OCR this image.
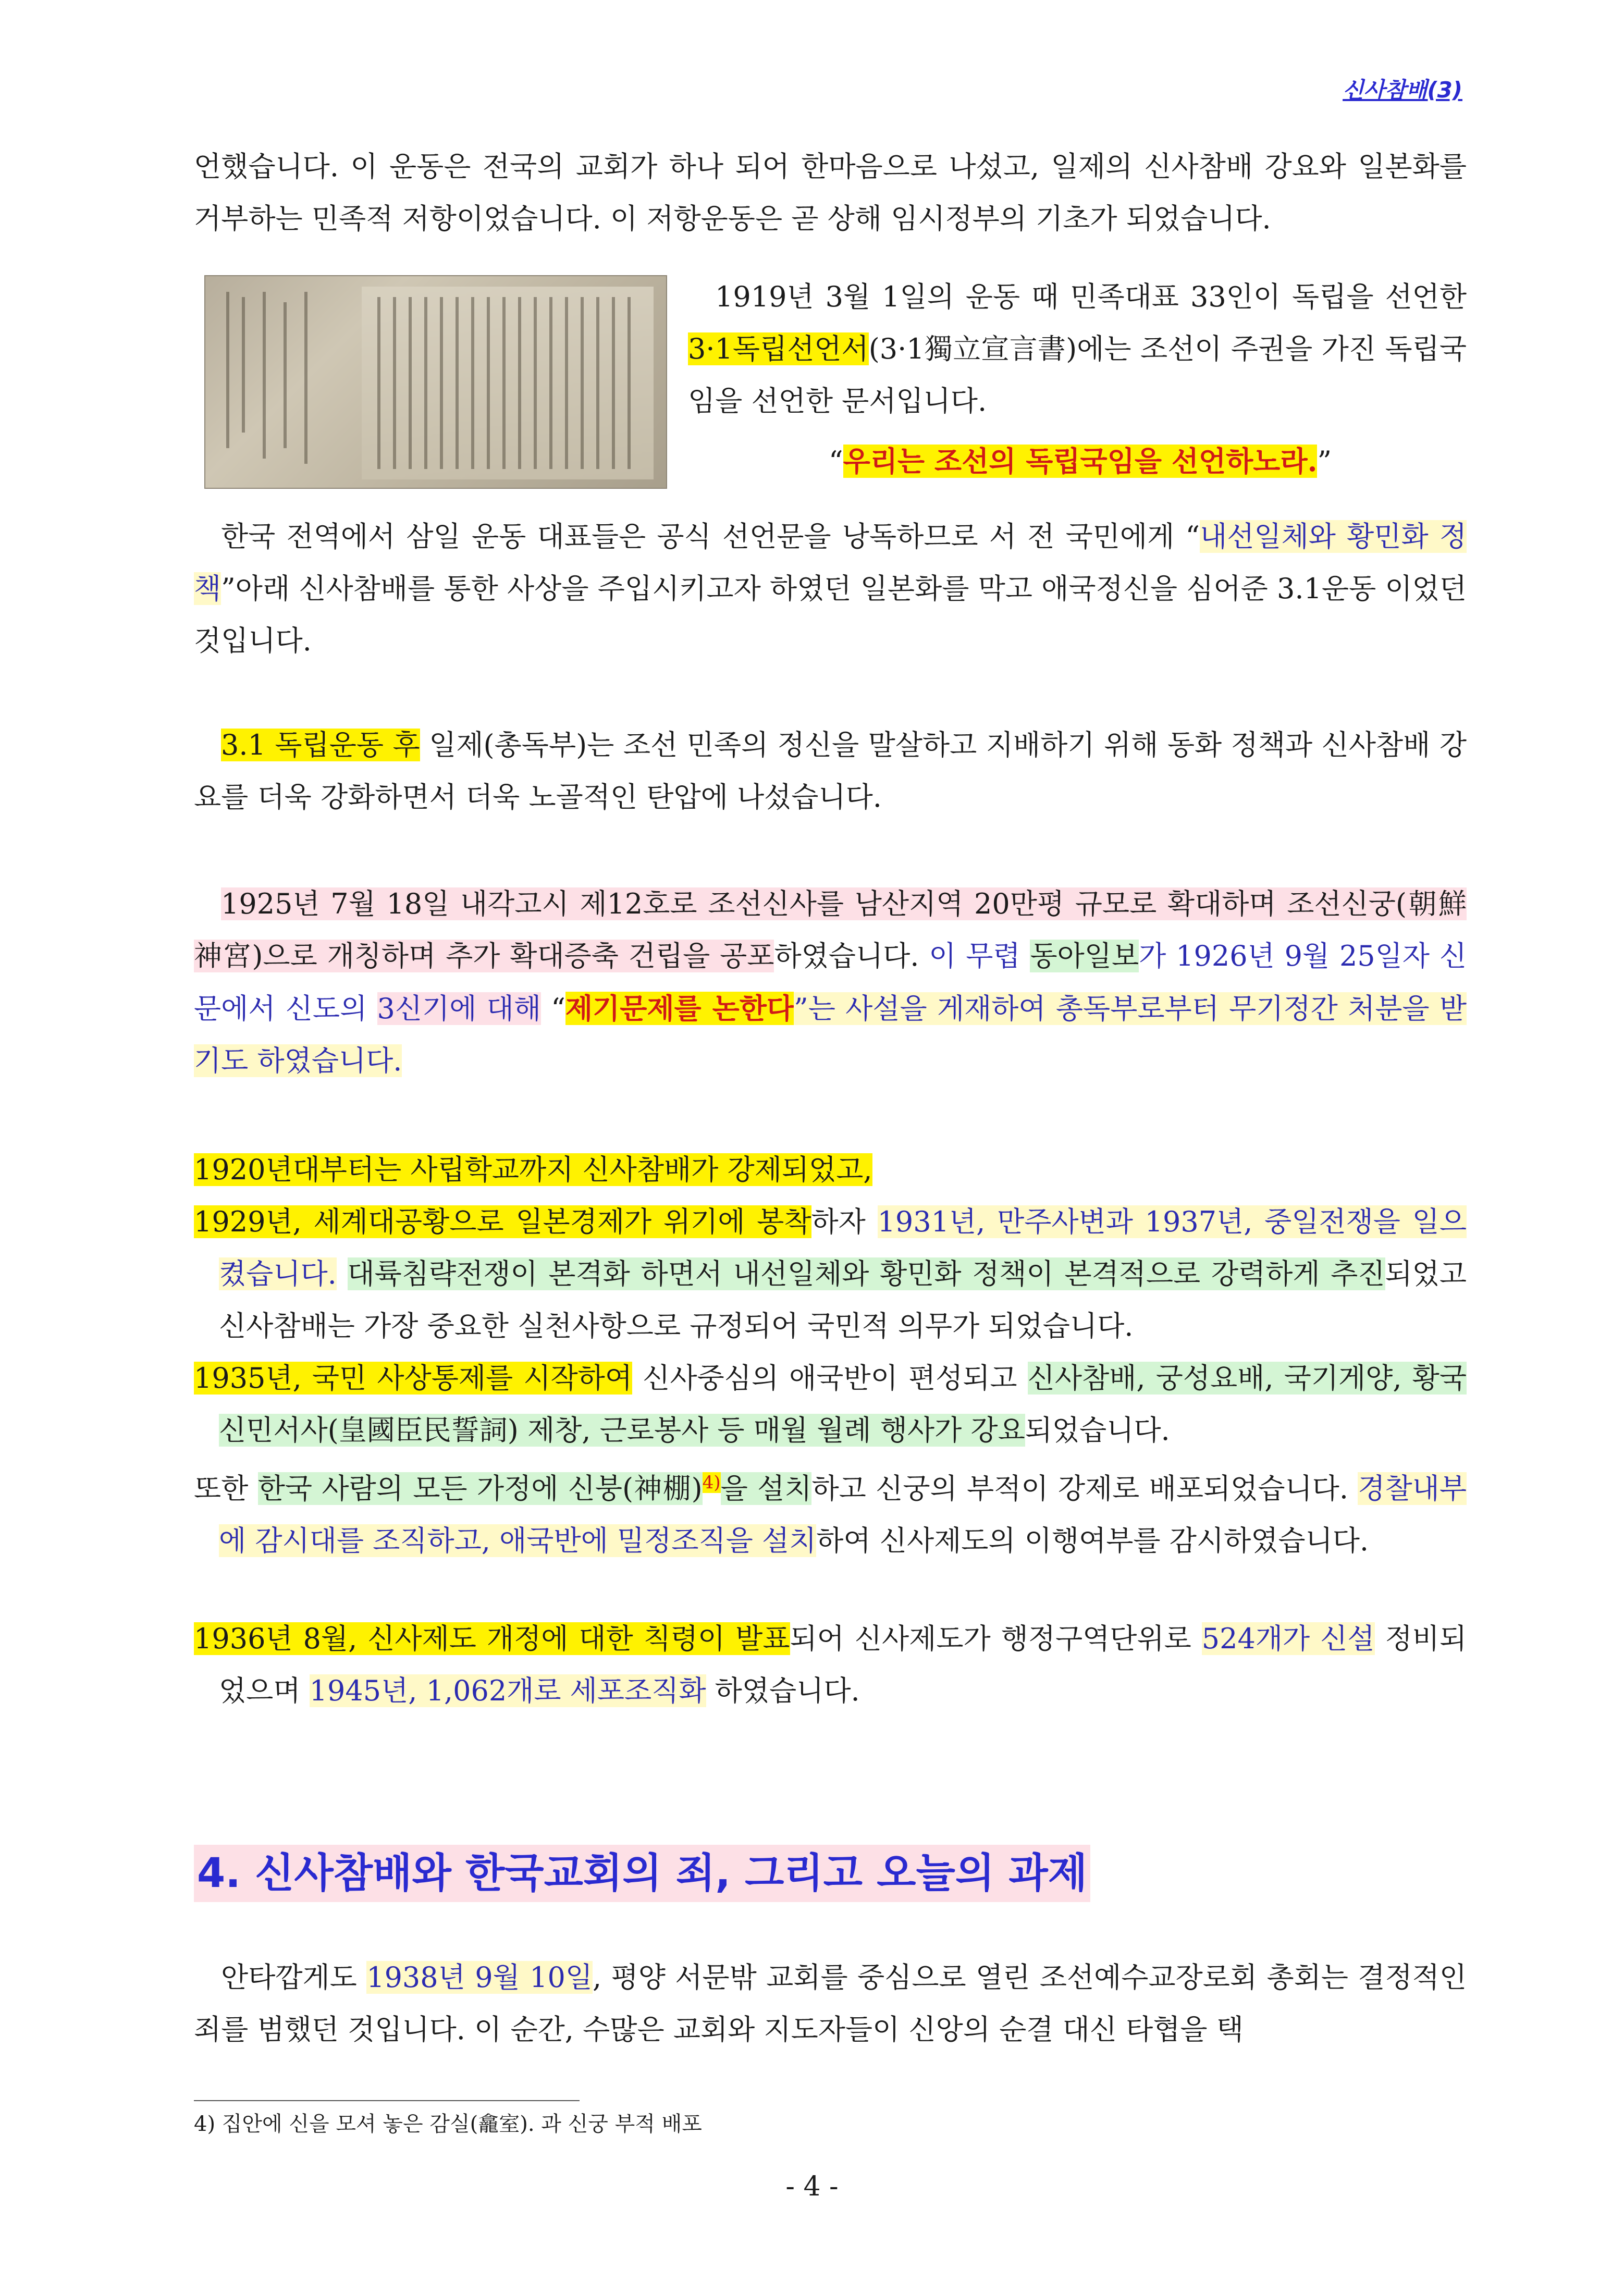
신사참배(3)
언했습니다. 이 운동은 전국의 교회가 하나 되어 한마음으로 나섰고, 일제의 신사참배 강요와 일본화를 거부하는 민족적 저항이었습니다. 이 저항운동은 곧 상해 임시정부의 기초가 되었습니다.
1919년 3월 1일의 운동 때 민족대표 33인이 독립을 선언한 3·1독립선언서(3·1獨立宣言書)에는 조선이 주권을 가진 독립국임을 선언한 문서입니다.
“우리는 조선의 독립국임을 선언하노라.”
한국 전역에서 삼일 운동 대표들은 공식 선언문을 낭독하므로 서 전 국민에게 “내선일체와 황민화 정책”아래 신사참배를 통한 사상을 주입시키고자 하였던 일본화를 막고 애국정신을 심어준 3.1운동 이었던 것입니다.
3.1 독립운동 후 일제(총독부)는 조선 민족의 정신을 말살하고 지배하기 위해 동화 정책과 신사참배 강요를 더욱 강화하면서 더욱 노골적인 탄압에 나섰습니다.
1925년 7월 18일 내각고시 제12호로 조선신사를 남산지역 20만평 규모로 확대하며 조선신궁(朝鮮神宮)으로 개칭하며 추가 확대증축 건립을 공포하였습니다. 이 무렵 동아일보가 1926년 9월 25일자 신문에서 신도의 3신기에 대해 “제기문제를 논한다”는 사설을 게재하여 총독부로부터 무기정간 처분을 받기도 하였습니다.
1920년대부터는 사립학교까지 신사참배가 강제되었고,
1929년, 세계대공황으로 일본경제가 위기에 봉착하자 1931년, 만주사변과 1937년, 중일전쟁을 일으켰습니다. 대륙침략전쟁이 본격화 하면서 내선일체와 황민화 정책이 본격적으로 강력하게 추진되었고 신사참배는 가장 중요한 실천사항으로 규정되어 국민적 의무가 되었습니다.
1935년, 국민 사상통제를 시작하여 신사중심의 애국반이 편성되고 신사참배, 궁성요배, 국기게양, 황국신민서사(皇國臣民誓詞) 제창, 근로봉사 등 매월 월례 행사가 강요되었습니다.
또한 한국 사람의 모든 가정에 신붕(神棚)$^{4)}$을 설치하고 신궁의 부적이 강제로 배포되었습니다. 경찰내부에 감시대를 조직하고, 애국반에 밀정조직을 설치하여 신사제도의 이행여부를 감시하였습니다.
1936년 8월, 신사제도 개정에 대한 칙령이 발표되어 신사제도가 행정구역단위로 524개가 신설 정비되었으며 1945년, 1,062개로 세포조직화 하였습니다.
4. 신사참배와 한국교회의 죄, 그리고 오늘의 과제
안타깝게도 1938년 9월 10일, 평양 서문밖 교회를 중심으로 열린 조선예수교장로회 총회는 결정적인 죄를 범했던 것입니다. 이 순간, 수많은 교회와 지도자들이 신앙의 순결 대신 타협을 택
4) 집안에 신을 모셔 놓은 감실(龕室). 과 신궁 부적 배포
- 4 -
